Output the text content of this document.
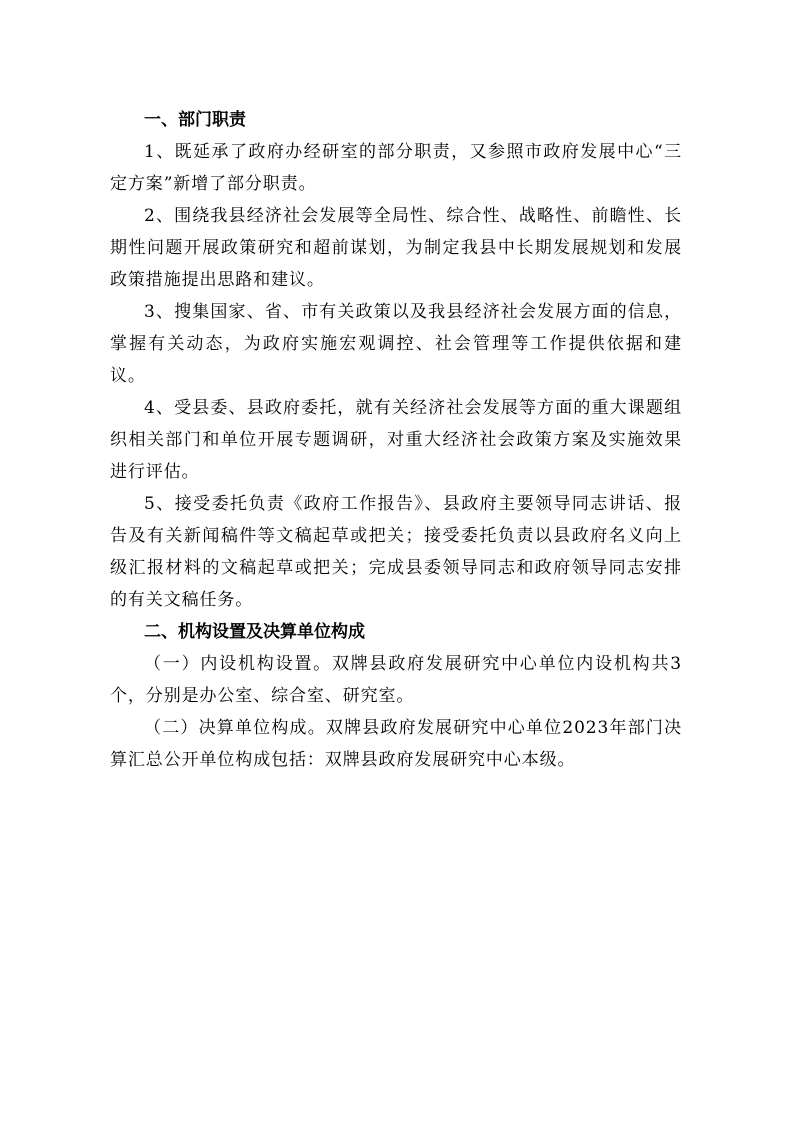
一、部门职责

1、既延承了政府办经研室的部分职责，又参照市政府发展中心“三定方案”新增了部分职责。

2、围绕我县经济社会发展等全局性、综合性、战略性、前瞻性、长期性问题开展政策研究和超前谋划，为制定我县中长期发展规划和发展政策措施提出思路和建议。

3、搜集国家、省、市有关政策以及我县经济社会发展方面的信息，掌握有关动态，为政府实施宏观调控、社会管理等工作提供依据和建议。

4、受县委、县政府委托，就有关经济社会发展等方面的重大课题组织相关部门和单位开展专题调研，对重大经济社会政策方案及实施效果进行评估。

5、接受委托负责《政府工作报告》、县政府主要领导同志讲话、报告及有关新闻稿件等文稿起草或把关；接受委托负责以县政府名义向上级汇报材料的文稿起草或把关；完成县委领导同志和政府领导同志安排的有关文稿任务。

二、机构设置及决算单位构成

（一）内设机构设置。双牌县政府发展研究中心单位内设机构共3个，分别是办公室、综合室、研究室。

（二）决算单位构成。双牌县政府发展研究中心单位2023年部门决算汇总公开单位构成包括：双牌县政府发展研究中心本级。
